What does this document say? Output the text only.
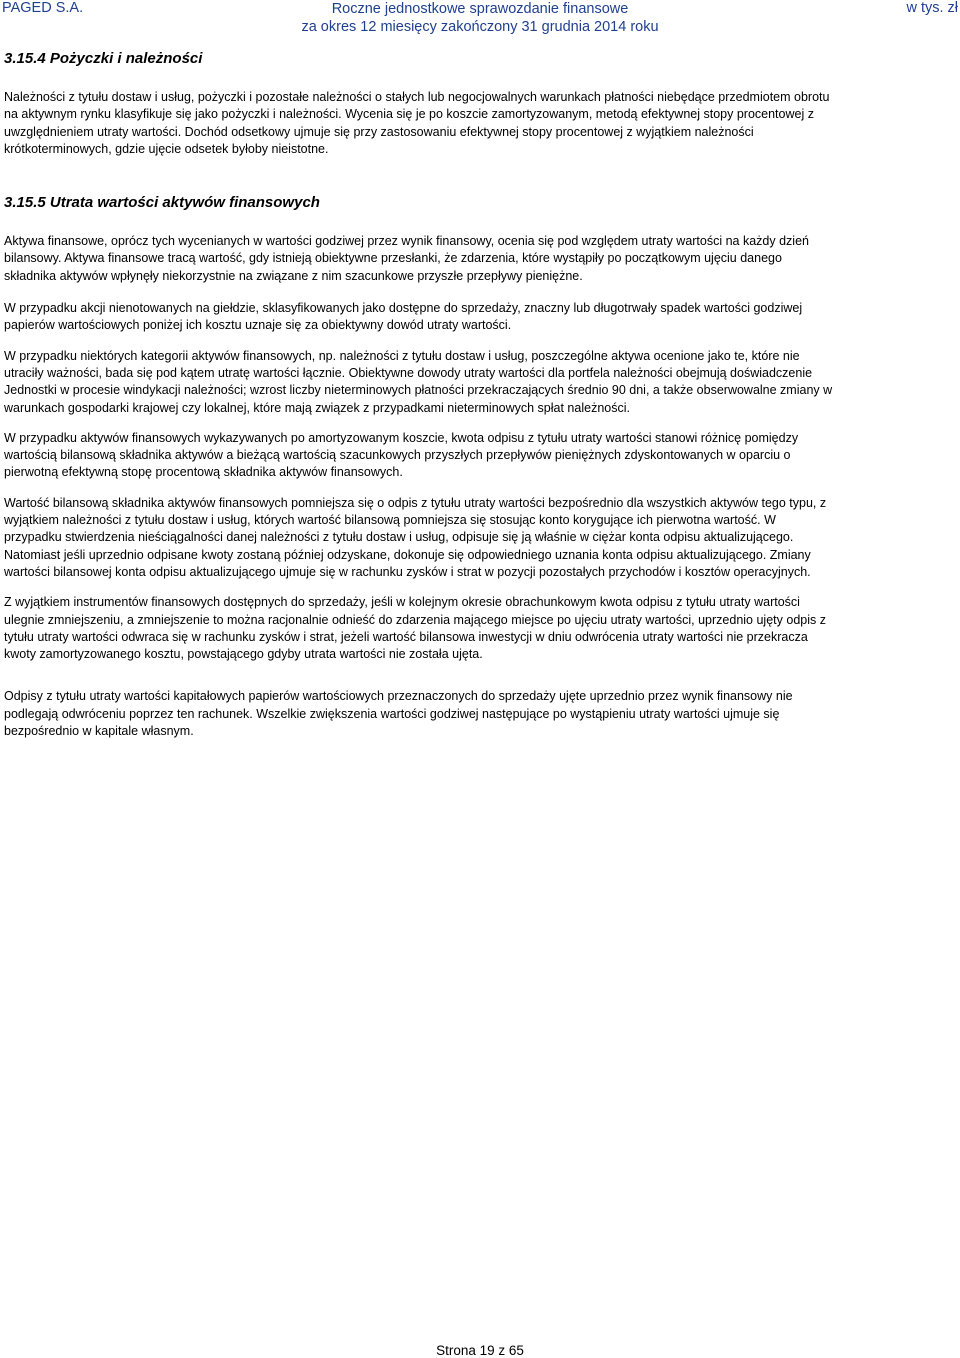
PAGED S.A.	Roczne jednostkowe sprawozdanie finansowe
za okres 12 miesięcy zakończony 31 grudnia 2014 roku
w tys. zł
3.15.4 Pożyczki i należności

Należności z tytułu dostaw i usług, pożyczki i pozostałe należności o stałych lub negocjowalnych warunkach płatności niebędące przedmiotem obrotu na aktywnym rynku klasyfikuje się jako pożyczki i należności. Wycenia się je po koszcie zamortyzowanym, metodą efektywnej stopy procentowej z uwzględnieniem utraty wartości. Dochód odsetkowy ujmuje się przy zastosowaniu efektywnej stopy procentowej z wyjątkiem należności krótkoterminowych, gdzie ujęcie odsetek byłoby nieistotne.

3.15.5 Utrata wartości aktywów finansowych

Aktywa finansowe, oprócz tych wycenianych w wartości godziwej przez wynik finansowy, ocenia się pod względem utraty wartości na każdy dzień bilansowy. Aktywa finansowe tracą wartość, gdy istnieją obiektywne przesłanki, że zdarzenia, które wystąpiły po początkowym ujęciu danego składnika aktywów wpłynęły niekorzystnie na związane z nim szacunkowe przyszłe przepływy pieniężne.

W przypadku akcji nienotowanych na giełdzie, sklasyfikowanych jako dostępne do sprzedaży, znaczny lub długotrwały spadek wartości godziwej papierów wartościowych poniżej ich kosztu uznaje się za obiektywny dowód utraty wartości.

W przypadku niektórych kategorii aktywów finansowych, np. należności z tytułu dostaw i usług, poszczególne aktywa ocenione jako te, które nie utraciły ważności, bada się pod kątem utratę wartości łącznie. Obiektywne dowody utraty wartości dla portfela należności obejmują doświadczenie Jednostki w procesie windykacji należności; wzrost liczby nieterminowych płatności przekraczających średnio 90 dni, a także obserwowalne zmiany w warunkach gospodarki krajowej czy lokalnej, które mają związek z przypadkami nieterminowych spłat należności.

W przypadku aktywów finansowych wykazywanych po amortyzowanym koszcie, kwota odpisu z tytułu utraty wartości stanowi różnicę pomiędzy wartością bilansową składnika aktywów a bieżącą wartością szacunkowych przyszłych przepływów pieniężnych zdyskontowanych w oparciu o pierwotną efektywną stopę procentową składnika aktywów finansowych.

Wartość bilansową składnika aktywów finansowych pomniejsza się o odpis z tytułu utraty wartości bezpośrednio dla wszystkich aktywów tego typu, z wyjątkiem należności z tytułu dostaw i usług, których wartość bilansową pomniejsza się stosując konto korygujące ich pierwotna wartość. W przypadku stwierdzenia nieściągalności danej należności z tytułu dostaw i usług, odpisuje się ją właśnie w ciężar konta odpisu aktualizującego. Natomiast jeśli uprzednio odpisane kwoty zostaną później odzyskane, dokonuje się odpowiedniego uznania konta odpisu aktualizującego. Zmiany wartości bilansowej konta odpisu aktualizującego ujmuje się w rachunku zysków i strat w pozycji pozostałych przychodów i kosztów operacyjnych.

Z wyjątkiem instrumentów finansowych dostępnych do sprzedaży, jeśli w kolejnym okresie obrachunkowym kwota odpisu z tytułu utraty wartości ulegnie zmniejszeniu, a zmniejszenie to można racjonalnie odnieść do zdarzenia mającego miejsce po ujęciu utraty wartości, uprzednio ujęty odpis z tytułu utraty wartości odwraca się w rachunku zysków i strat, jeżeli wartość bilansowa inwestycji w dniu odwrócenia utraty wartości nie przekracza kwoty zamortyzowanego kosztu, powstającego gdyby utrata wartości nie została ujęta.

Odpisy z tytułu utraty wartości kapitałowych papierów wartościowych przeznaczonych do sprzedaży ujęte uprzednio przez wynik finansowy nie podlegają odwróceniu poprzez ten rachunek. Wszelkie zwiększenia wartości godziwej następujące po wystąpieniu utraty wartości ujmuje się bezpośrednio w kapitale własnym.

Strona 19 z 65
